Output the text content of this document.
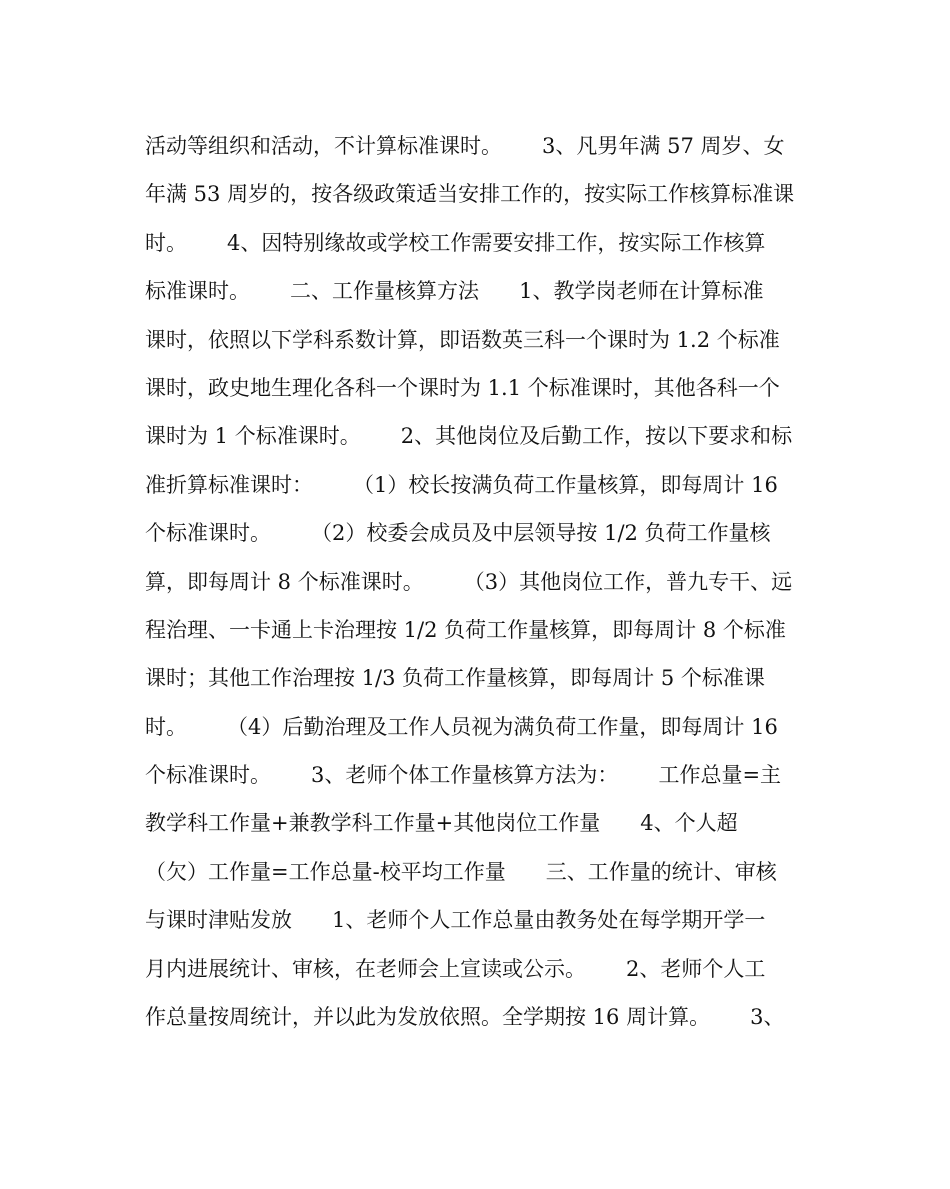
活动等组织和活动，不计算标准课时。      3、凡男年满 57 周岁、女
年满 53 周岁的，按各级政策适当安排工作的，按实际工作核算标准课
时。      4、因特别缘故或学校工作需要安排工作，按实际工作核算
标准课时。      二、工作量核算方法      1、教学岗老师在计算标准
课时，依照以下学科系数计算，即语数英三科一个课时为 1.2 个标准
课时，政史地生理化各科一个课时为 1.1 个标准课时，其他各科一个
课时为 1 个标准课时。      2、其他岗位及后勤工作，按以下要求和标
准折算标准课时：      （1）校长按满负荷工作量核算，即每周计 16
个标准课时。      （2）校委会成员及中层领导按 1/2 负荷工作量核
算，即每周计 8 个标准课时。      （3）其他岗位工作，普九专干、远
程治理、一卡通上卡治理按 1/2 负荷工作量核算，即每周计 8 个标准
课时；其他工作治理按 1/3 负荷工作量核算，即每周计 5 个标准课
时。      （4）后勤治理及工作人员视为满负荷工作量，即每周计 16
个标准课时。      3、老师个体工作量核算方法为：      工作总量=主
教学科工作量+兼教学科工作量+其他岗位工作量      4、个人超
（欠）工作量=工作总量-校平均工作量      三、工作量的统计、审核
与课时津贴发放      1、老师个人工作总量由教务处在每学期开学一
月内进展统计、审核，在老师会上宣读或公示。      2、老师个人工
作总量按周统计，并以此为发放依照。全学期按 16 周计算。      3、
